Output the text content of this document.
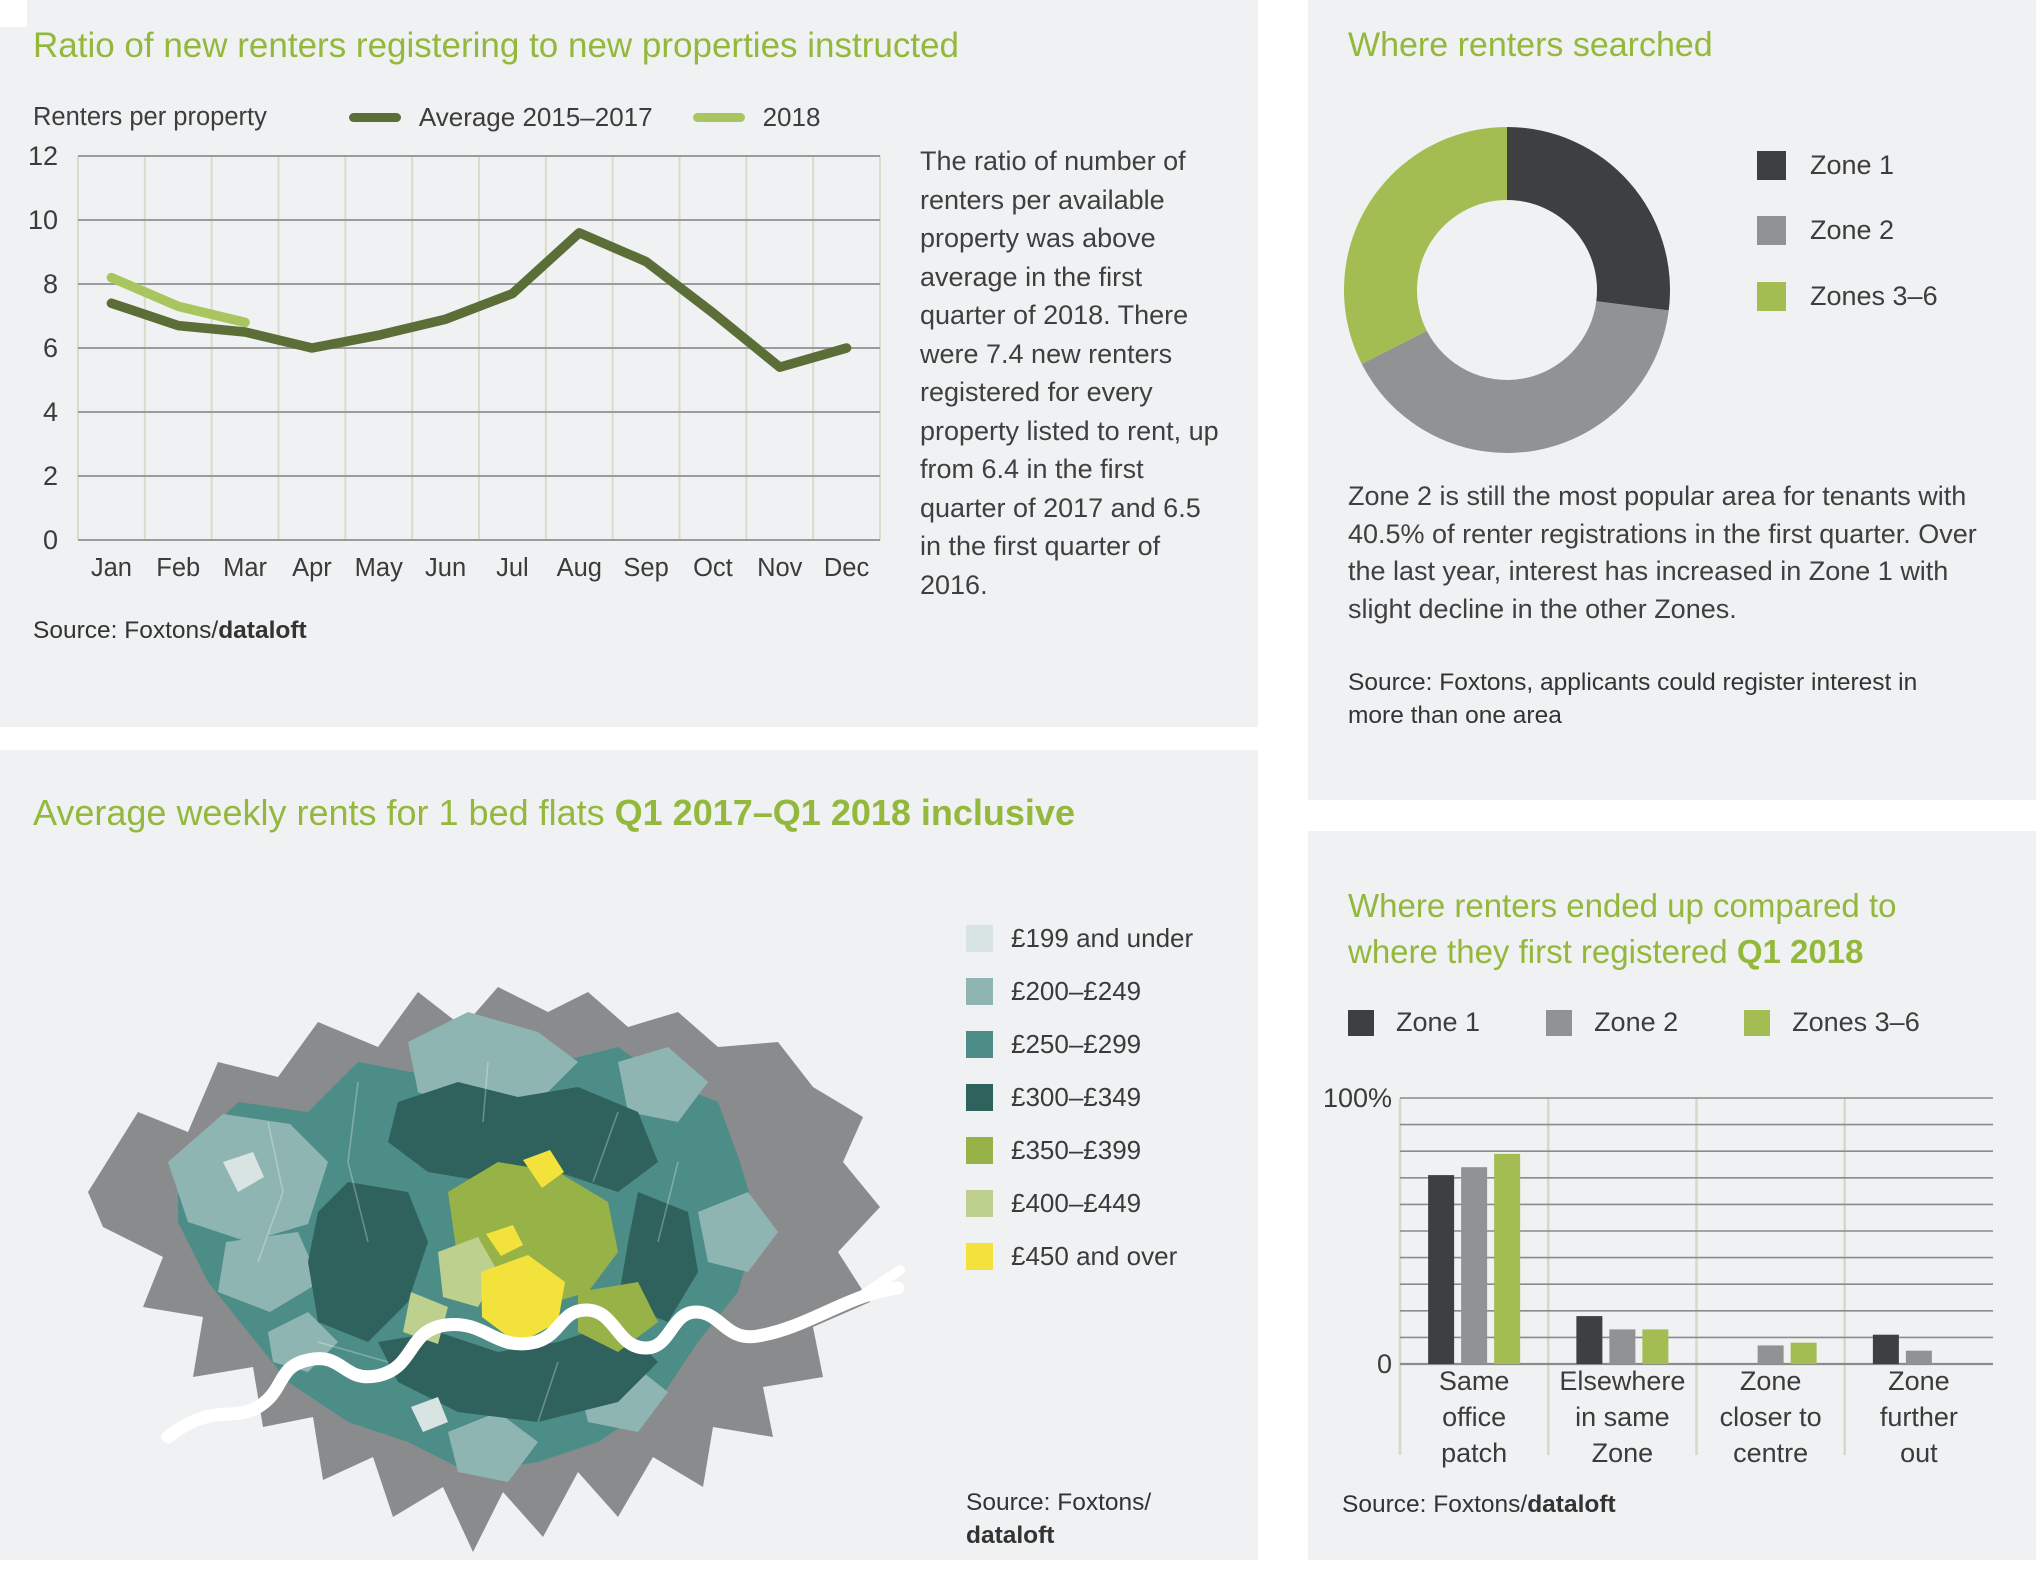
Ratio of new renters registering to new properties instructed
Renters per property	Average 2015–2017	2018
0
2
4
6
8
10
12
Jan Feb Mar Apr May Jun Jul Aug Sep Oct Nov Dec
The ratio of number of renters per available property was above average in the first quarter of 2018. There were 7.4 new renters registered for every property listed to rent, up from 6.4 in the first quarter of 2017 and 6.5 in the first quarter of 2016.
Source: Foxtons/dataloft
Where renters searched
Zone 1
Zone 2
Zones 3–6
Zone 2 is still the most popular area for tenants with 40.5% of renter registrations in the first quarter. Over the last year, interest has increased in Zone 1 with slight decline in the other Zones.
Source: Foxtons, applicants could register interest in more than one area
Average weekly rents for 1 bed flats Q1 2017–Q1 2018 inclusive
£199 and under
£200–£249
£250–£299
£300–£349
£350–£399
£400–£449
£450 and over
Source: Foxtons/
dataloft
Where renters ended up compared to
where they first registered Q1 2018
Zone 1	Zone 2	Zones 3–6
100%
0
Same office patch
Elsewhere in same Zone
Zone closer to centre
Zone further out
Source: Foxtons/dataloft
